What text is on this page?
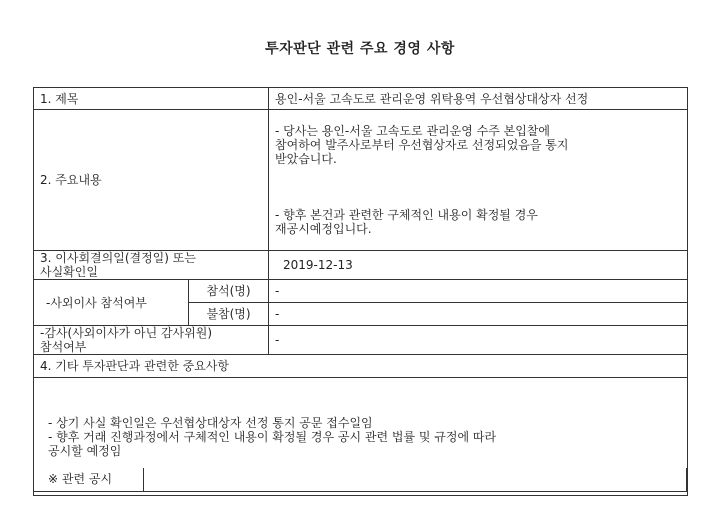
투자판단 관련 주요 경영 사항
1. 제목		용인-서울 고속도로 관리운영 위탁용역 우선협상대상자 선정
2. 주요내용		- 당사는 용인-서울 고속도로 관리운영 수주 본입찰에
참여하여 발주사로부터 우선협상자로 선정되었음을 통지
받았습니다.

- 향후 본건과 관련한 구체적인 내용이 확정될 경우
재공시예정입니다.

3. 이사회결의일(결정일) 또는
사실확인일		2019-12-13
-사외이사 참석여부	참석(명)	-
	불참(명)	-
-감사(사외이사가 아닌 감사위원)
참석여부		-
4. 기타 투자판단과 관련한 중요사항		
- 상기 사실 확인일은 우선협상대상자 선정 통지 공문 접수일임
- 향후 거래 진행과정에서 구체적인 내용이 확정될 경우 공시 관련 법률 및 규정에 따라
공시할 예정임		
※ 관련 공시
